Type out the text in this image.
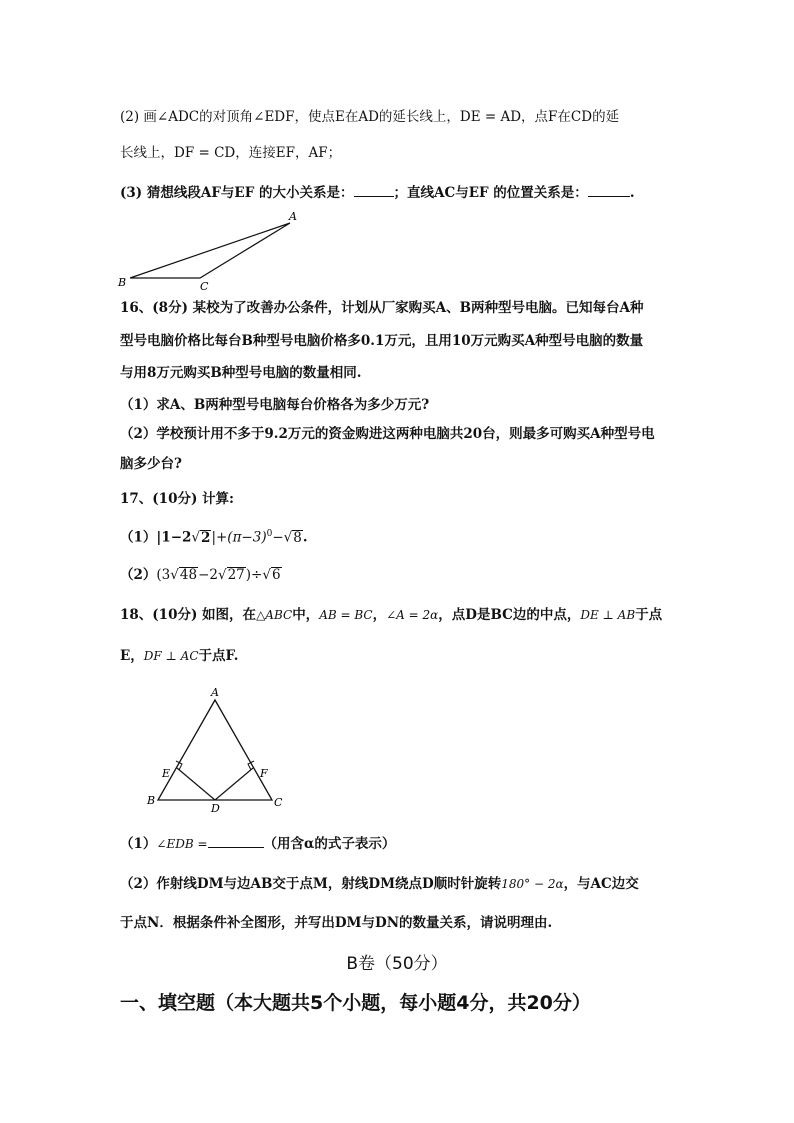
(2) 画∠ADC的对顶角∠EDF，使点E在AD的延长线上，DE = AD，点F在CD的延
长线上，DF = CD，连接EF，AF；
(3) 猜想线段AF与EF 的大小关系是：	；直线AC与EF 的位置关系是：	.
A
B	C
16、(8分) 某校为了改善办公条件，计划从厂家购买A、B两种型号电脑。已知每台A种
型号电脑价格比每台B种型号电脑价格多0.1万元，且用10万元购买A种型号电脑的数量
与用8万元购买B种型号电脑的数量相同.
（1）求A、B两种型号电脑每台价格各为多少万元?
（2）学校预计用不多于9.2万元的资金购进这两种电脑共20台，则最多可购买A种型号电
脑多少台?
17、(10分) 计算:
$(1)|1-2√2|+(\pi-3)^0-√8$.
（2）(3√48−2√27)÷√6
18、(10分) 如图，在△ABC中，AB = BC，∠A = 2α，点D是BC边的中点，DE ⊥ AB于点
E，DF ⊥ AC于点F.
A
E	F
B
D	C
（1）∠EDB =	（用含α的式子表示）
（2）作射线DM与边AB交于点M，射线DM绕点D顺时针旋转180° − 2α，与AC边交
于点N．根据条件补全图形，并写出DM与DN的数量关系，请说明理由.
B卷（50分）
一、填空题（本大题共5个小题，每小题4分，共20分）
